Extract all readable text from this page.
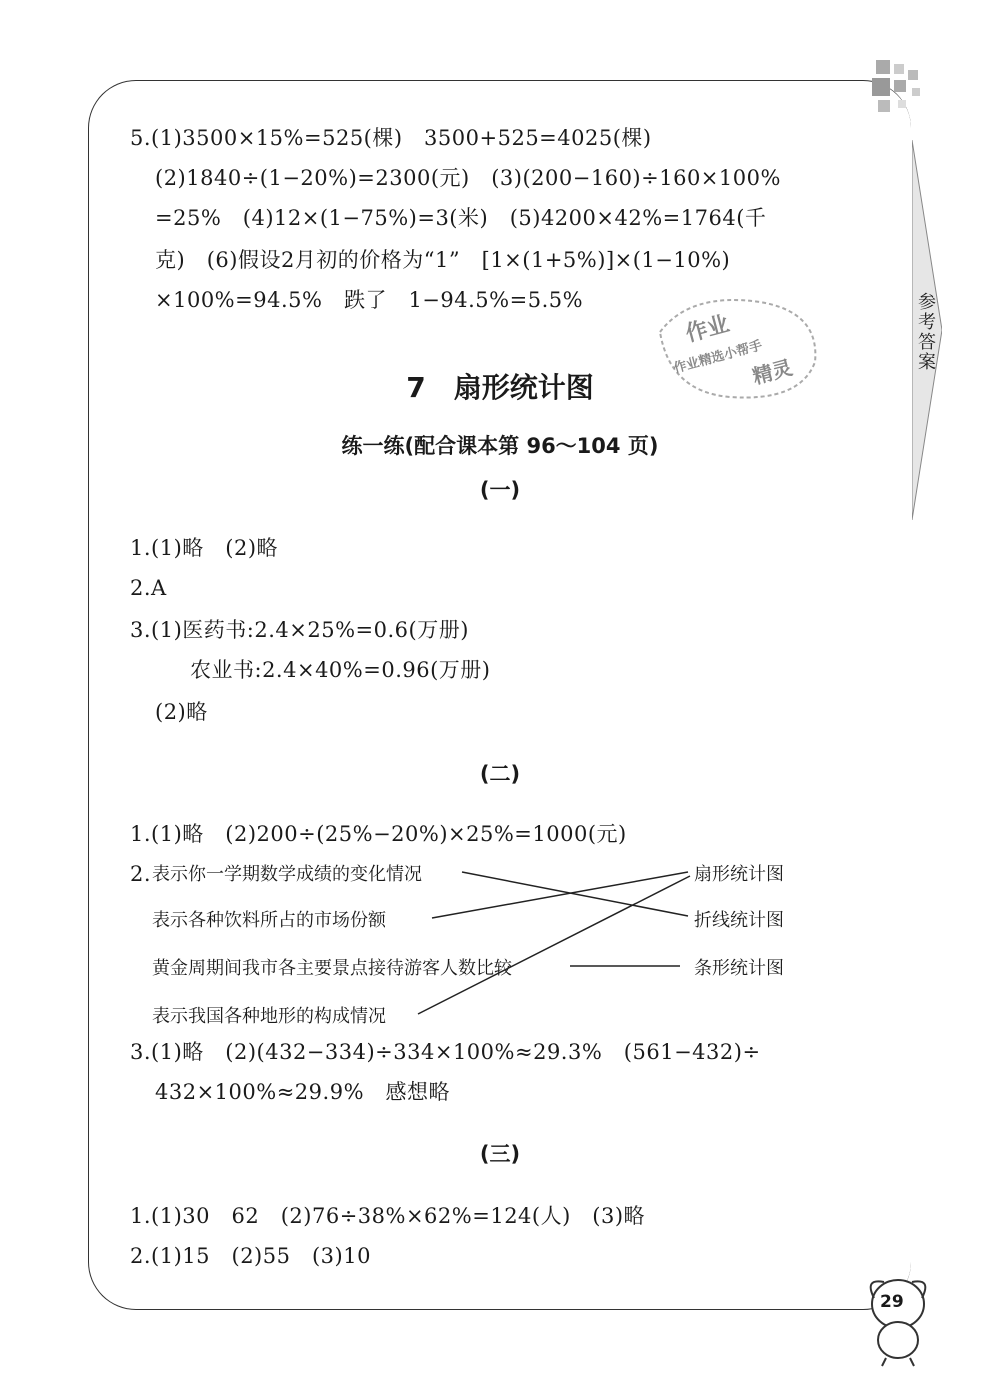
参考答案
作业
作业精选小帮手
精灵
5.(1)3500×15%=525(棵)　3500+525=4025(棵)
(2)1840÷(1−20%)=2300(元)　(3)(200−160)÷160×100%
=25%　(4)12×(1−75%)=3(米)　(5)4200×42%=1764(千
克)　(6)假设2月初的价格为“1”　[1×(1+5%)]×(1−10%)
×100%=94.5%　跌了　1−94.5%=5.5%
7　扇形统计图
练一练(配合课本第 96～104 页)
(一)
1.(1)略　(2)略
2.A
3.(1)医药书:2.4×25%=0.6(万册)
农业书:2.4×40%=0.96(万册)
(2)略
(二)
1.(1)略　(2)200÷(25%−20%)×25%=1000(元)
2. 表示你一学期数学成绩的变化情况
表示各种饮料所占的市场份额
黄金周期间我市各主要景点接待游客人数比较
表示我国各种地形的构成情况
扇形统计图
折线统计图
条形统计图
3.(1)略　(2)(432−334)÷334×100%≈29.3%　(561−432)÷
432×100%≈29.9%　感想略
(三)
1.(1)30　62　(2)76÷38%×62%=124(人)　(3)略
2.(1)15　(2)55　(3)10
29
